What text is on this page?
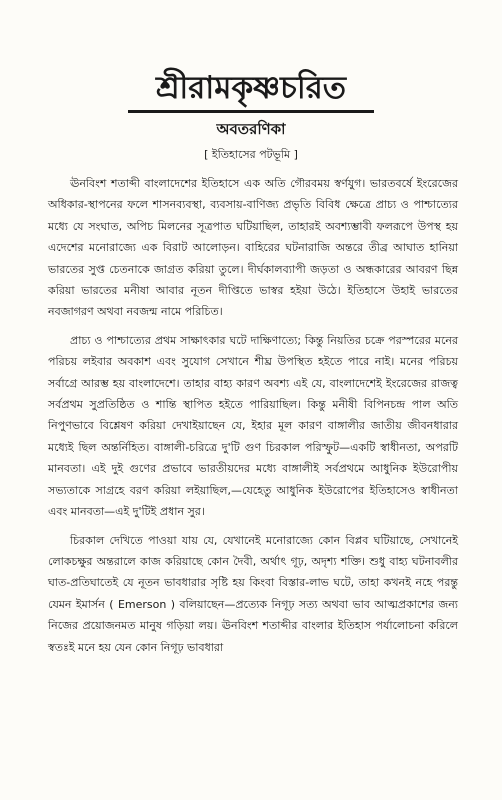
শ্রীরামকৃষ্ণচরিত
অবতরণিকা
[ ইতিহাসের পটভূমি ]

ঊনবিংশ শতাব্দী বাংলাদেশের ইতিহাসে এক অতি গৌরবময় স্বর্ণযুগ। ভারতবর্ষে ইংরেজের অধিকার-স্থাপনের ফলে শাসনব্যবস্থা, ব্যবসায়-বাণিজ্য প্রভৃতি বিবিধ ক্ষেত্রে প্রাচ্য ও পাশ্চাত্যের মধ্যে যে সংঘাত, অপিচ মিলনের সূত্রপাত ঘটিয়াছিল, তাহারই অবশ্যম্ভাবী ফলরূপে উপস্থ হয় এদেশের মনোরাজ্যে এক বিরাট আলোড়ন। বাহিরের ঘটনারাজি অন্তরে তীব্র আঘাত হানিয়া ভারতের সুপ্ত চেতনাকে জাগ্রত করিয়া তুলে। দীর্ঘকালব্যাপী জড়তা ও অন্ধকারের আবরণ ছিন্ন করিয়া ভারতের মনীষা আবার নূতন দীপ্তিতে ভাস্বর হইয়া উঠে। ইতিহাসে উহাই ভারতের নবজাগরণ অথবা নবজন্ম নামে পরিচিত।

প্রাচ্য ও পাশ্চাত্যের প্রথম সাক্ষাৎকার ঘটে দাক্ষিণাত্যে; কিন্তু নিয়তির চক্রে পরস্পরের মনের পরিচয় লইবার অবকাশ এবং সুযোগ সেখানে শীঘ্র উপস্থিত হইতে পারে নাই। মনের পরিচয় সর্বাগ্রে আরম্ভ হয় বাংলাদেশে। তাহার বাহ্য কারণ অবশ্য এই যে, বাংলাদেশেই ইংরেজের রাজত্ব সর্বপ্রথম সুপ্রতিষ্ঠিত ও শান্তি স্থাপিত হইতে পারিয়াছিল। কিন্তু মনীষী বিপিনচন্দ্র পাল অতি নিপুণভাবে বিশ্লেষণ করিয়া দেখাইয়াছেন যে, ইহার মূল কারণ বাঙ্গালীর জাতীয় জীবনধারার মধ্যেই ছিল অন্তর্নিহিত। বাঙ্গালী-চরিত্রে দু'টি গুণ চিরকাল পরিস্ফুট—একটি স্বাধীনতা, অপরটি মানবতা। এই দুই গুণের প্রভাবে ভারতীয়দের মধ্যে বাঙ্গালীই সর্বপ্রথমে আধুনিক ইউরোপীয় সভ্যতাকে সাগ্রহে বরণ করিয়া লইয়াছিল,—যেহেতু আধুনিক ইউরোপের ইতিহাসেও স্বাধীনতা এবং মানবতা—এই দু'টিই প্রধান সুর।

চিরকাল দেখিতে পাওয়া যায় যে, যেখানেই মনোরাজ্যে কোন বিপ্লব ঘটিয়াছে, সেখানেই লোকচক্ষুর অন্তরালে কাজ করিয়াছে কোন দৈবী, অর্থাৎ গূঢ়, অদৃশ্য শক্তি। শুধু বাহ্য ঘটনাবলীর ঘাত-প্রতিঘাতেই যে নূতন ভাবধারার সৃষ্টি হয় কিংবা বিস্তার-লাভ ঘটে, তাহা কখনই নহে পরন্তু যেমন ইমার্সন ( Emerson ) বলিয়াছেন—প্রত্যেক নিগূঢ় সত্য অথবা ভাব আত্মপ্রকাশের জন্য নিজের প্রয়োজনমত মানুষ গড়িয়া লয়। ঊনবিংশ শতাব্দীর বাংলার ইতিহাস পর্যালোচনা করিলে স্বতঃই মনে হয় যেন কোন নিগূঢ় ভাবধারা
